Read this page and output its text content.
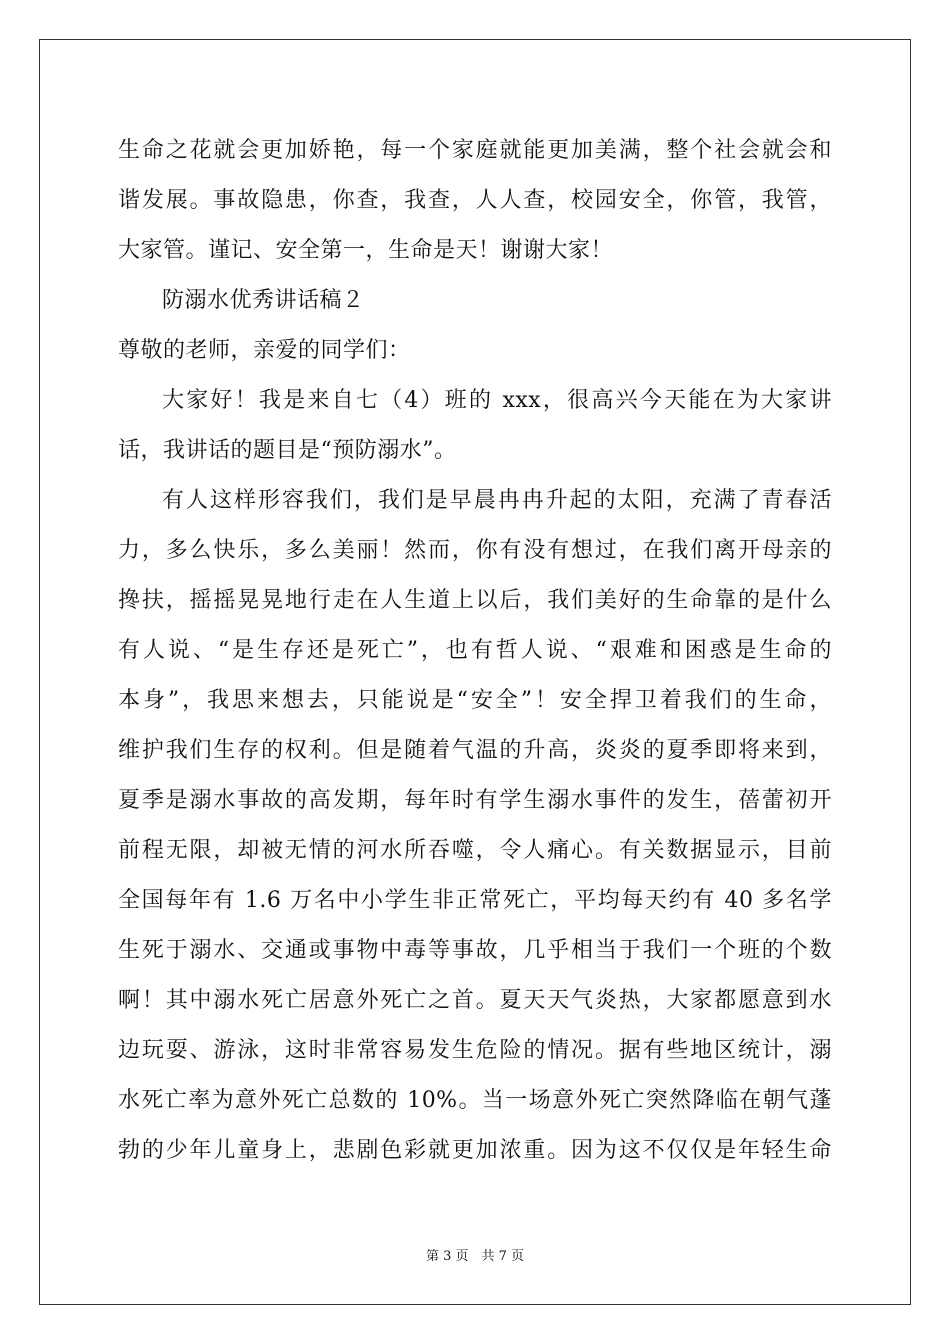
生命之花就会更加娇艳，每一个家庭就能更加美满，整个社会就会和
谐发展。事故隐患，你查，我查，人人查，校园安全，你管，我管，
大家管。谨记、安全第一，生命是天！谢谢大家！
防溺水优秀讲话稿２
尊敬的老师，亲爱的同学们：
大家好！我是来自七（4）班的 xxx，很高兴今天能在为大家讲
话，我讲话的题目是“预防溺水”。
有人这样形容我们，我们是早晨冉冉升起的太阳，充满了青春活
力，多么快乐，多么美丽！然而，你有没有想过，在我们离开母亲的
搀扶，摇摇晃晃地行走在人生道上以后，我们美好的生命靠的是什么
有人说、“是生存还是死亡”，也有哲人说、“艰难和困惑是生命的
本身”，我思来想去，只能说是“安全”！安全捍卫着我们的生命，
维护我们生存的权利。但是随着气温的升高，炎炎的夏季即将来到，
夏季是溺水事故的高发期，每年时有学生溺水事件的发生，蓓蕾初开
前程无限，却被无情的河水所吞噬，令人痛心。有关数据显示，目前
全国每年有 1.6 万名中小学生非正常死亡，平均每天约有 40 多名学
生死于溺水、交通或事物中毒等事故，几乎相当于我们一个班的个数
啊！其中溺水死亡居意外死亡之首。夏天天气炎热，大家都愿意到水
边玩耍、游泳，这时非常容易发生危险的情况。据有些地区统计，溺
水死亡率为意外死亡总数的 10%。当一场意外死亡突然降临在朝气蓬
勃的少年儿童身上，悲剧色彩就更加浓重。因为这不仅仅是年轻生命
第 3 页　共 7 页
